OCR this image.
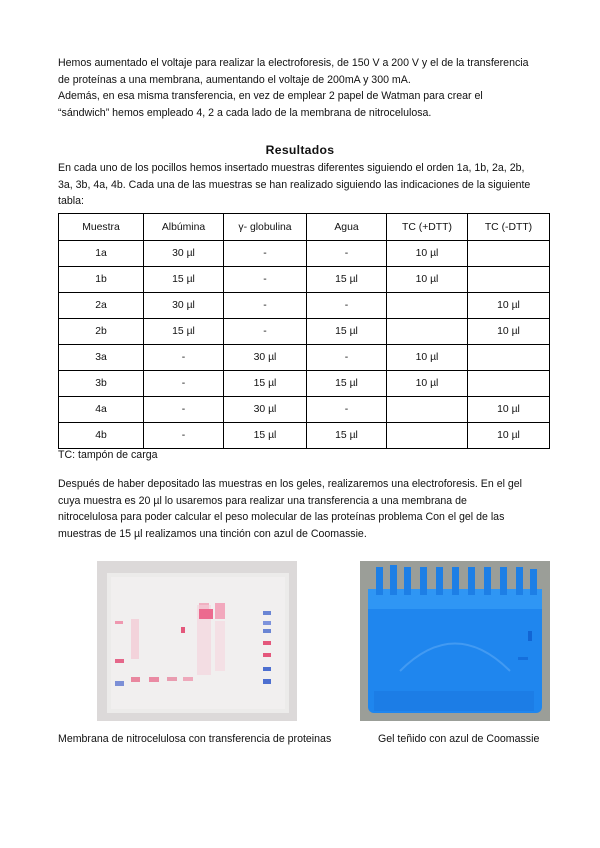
Hemos aumentado el voltaje para realizar la electroforesis, de 150 V a 200 V y el de la transferencia
de proteínas a una membrana, aumentando el voltaje de 200mA y 300 mA.
Además, en esa misma transferencia, en vez de emplear 2 papel de Watman para crear el
“sándwich” hemos empleado 4, 2 a cada lado de la membrana de nitrocelulosa.

Resultados

En cada uno de los pocillos hemos insertado muestras diferentes siguiendo el orden 1a, 1b, 2a, 2b,
3a, 3b, 4a, 4b. Cada una de las muestras se han realizado siguiendo las indicaciones de la siguiente
tabla:

Muestra	Albúmina	γ- globulina	Agua	TC (+DTT)	TC (-DTT)
1a	30 µl	-	-	10 µl	
1b	15 µl	-	15 µl	10 µl	
2a	30 µl	-	-		10 µl
2b	15 µl	-	15 µl		10 µl
3a	-	30 µl	-	10 µl	
3b	-	15 µl	15 µl	10 µl	
4a	-	30 µl	-		10 µl
4b	-	15 µl	15 µl		10 µl
TC: tampón de carga

Después de haber depositado las muestras en los geles, realizaremos una electroforesis. En el gel
cuya muestra es 20 µl lo usaremos para realizar una transferencia a una membrana de
nitrocelulosa para poder calcular el peso molecular de las proteínas problema Con el gel de las
muestras de 15 µl realizamos una tinción con azul de Coomassie.

Membrana de nitrocelulosa con transferencia de proteinas	Gel teñido con azul de Coomassie
